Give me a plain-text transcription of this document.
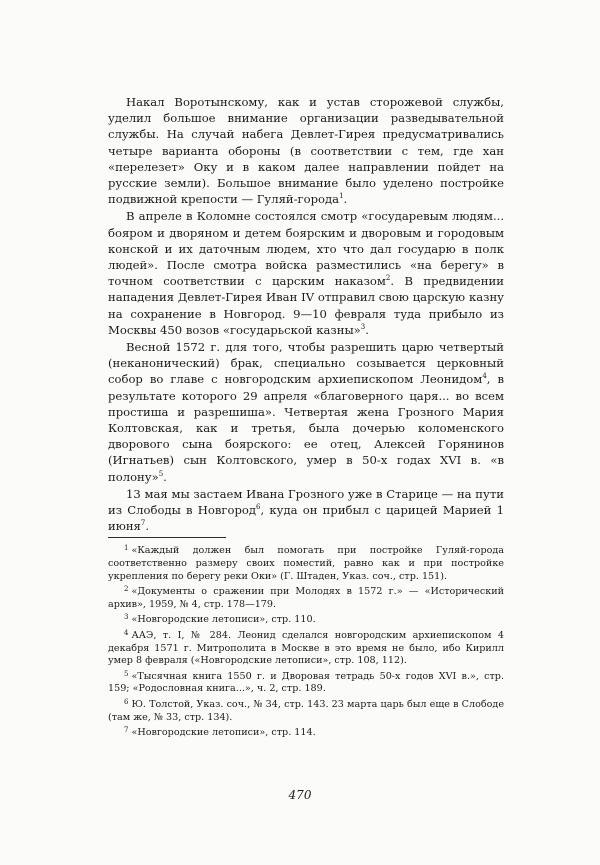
Накал Воротынскому, как и устав сторожевой службы, уделил большое внимание организации разведывательной службы. На случай набега Девлет-Гирея предусматривались четыре варианта обороны (в соответствии с тем, где хан «перелезет» Оку и в каком далее направлении пойдет на русские земли). Большое внимание было уделено постройке подвижной крепости — Гуляй-города$^1$.

В апреле в Коломне состоялся смотр «государевым людям... бояром и дворяном и детем боярским и дворовым и городовым конской и их даточным людем, хто что дал государю в полк людей». После смотра войска разместились «на берегу» в точном соответствии с царским наказом$^2$. В предвидении нападения Девлет-Гирея Иван IV отправил свою царскую казну на сохранение в Новгород. 9—10 февраля туда прибыло из Москвы 450 возов «государьской казны»$^3$.

Весной 1572 г. для того, чтобы разрешить царю четвертый (неканонический) брак, специально созывается церковный собор во главе с новгородским архиепископом Леонидом$^4$, в результате которого 29 апреля «благоверного царя... во всем простиша и разрешиша». Четвертая жена Грозного Мария Колтовская, как и третья, была дочерью коломенского дворового сына боярского: ее отец, Алексей Горянинов (Игнатьев) сын Колтовского, умер в 50-х годах XVI в. «в полону»$^5$.

13 мая мы застаем Ивана Грозного уже в Старице — на пути из Слободы в Новгород$^6$, куда он прибыл с царицей Марией 1 июня$^7$.

$^1$ «Каждый должен был помогать при постройке Гуляй-города соответственно размеру своих поместий, равно как и при постройке укрепления по берегу реки Оки» (Г. Штаден, Указ. соч., стр. 151).

$^2$ «Документы о сражении при Молодях в 1572 г.» — «Исторический архив», 1959, № 4, стр. 178—179.

$^3$ «Новгородские летописи», стр. 110.

$^4$ ААЭ, т. I, № 284. Леонид сделался новгородским архиепископом 4 декабря 1571 г. Митрополита в Москве в это время не было, ибо Кирилл умер 8 февраля («Новгородские летописи», стр. 108, 112).

$^5$ «Тысячная книга 1550 г. и Дворовая тетрадь 50-х годов XVI в.», стр. 159; «Родословная книга...», ч. 2, стр. 189.

$^6$ Ю. Толстой, Указ. соч., № 34, стр. 143. 23 марта царь был еще в Слободе (там же, № 33, стр. 134).

$^7$ «Новгородские летописи», стр. 114.

470
